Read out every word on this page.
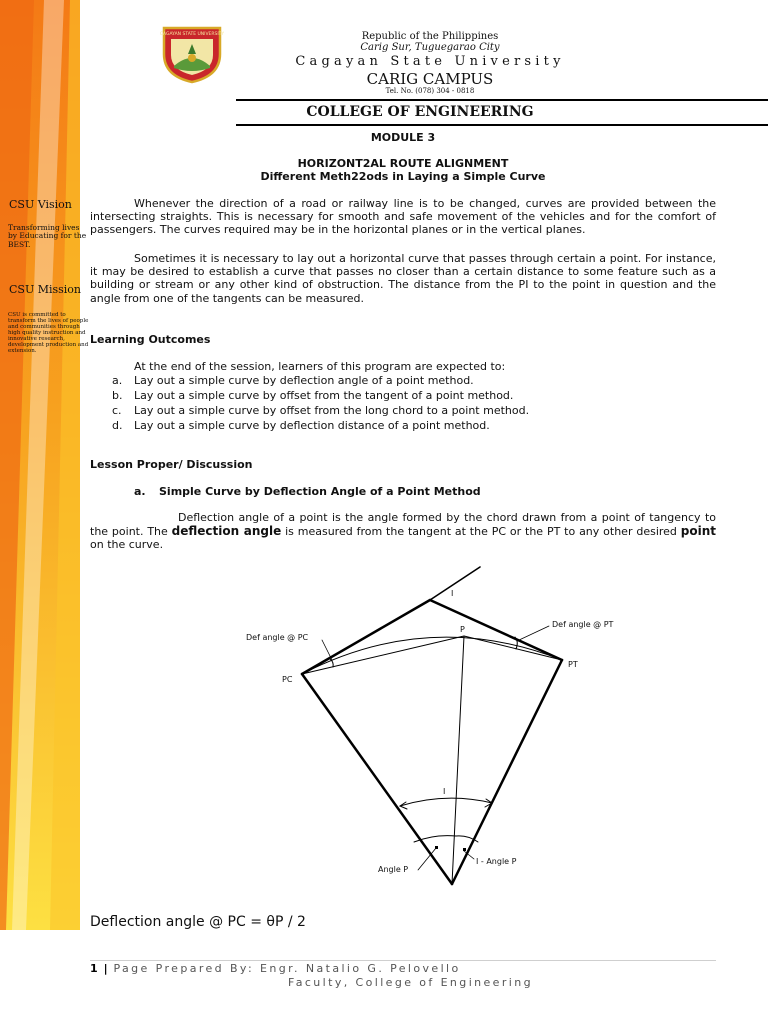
CAGAYAN STATE UNIVERSITY	Republic of the Philippines
Carig Sur, Tuguegarao City
Cagayan State University
CARIG CAMPUS
Tel. No. (078) 304 - 0818
COLLEGE OF ENGINEERING
MODULE 3
HORIZONT2AL ROUTE ALIGNMENT
Different Meth22ods in Laying a Simple Curve
CSU Vision
Transforming lives by Educating for the BEST.
CSU Mission
CSU is committed to transform the lives of people and communities through high quality instruction and innovative research, development production and extension.

Whenever the direction of a road or railway line is to be changed, curves are provided between the intersecting straights. This is necessary for smooth and safe movement of the vehicles and for the comfort of passengers. The curves required may be in the horizontal planes or in the vertical planes.

Sometimes it is necessary to lay out a horizontal curve that passes through certain a point. For instance, it may be desired to establish a curve that passes no closer than a certain distance to some feature such as a building or stream or any other kind of obstruction. The distance from the PI to the point in question and the angle from one of the tangents can be measured.

Learning Outcomes
At the end of the session, learners of this program are expected to:
a. Lay out a simple curve by deflection angle of a point method.
b. Lay out a simple curve by offset from the tangent of a point method.
c. Lay out a simple curve by offset from the long chord to a point method.
d. Lay out a simple curve by deflection distance of a point method.
Lesson Proper/ Discussion
a. Simple Curve by Deflection Angle of a Point Method

Deflection angle of a point is the angle formed by the chord drawn from a point of tangency to the point. The deflection angle is measured from the tangent at the PC or the PT to any other desired point on the curve.

I
P
PC
PT
Def angle @ PC
Def angle @ PT
I
Angle P
I - Angle P
Deflection angle @ PC = θP / 2
1 | Page Prepared By: Engr. Natalio G. Pelovello
Faculty, College of Engineering
